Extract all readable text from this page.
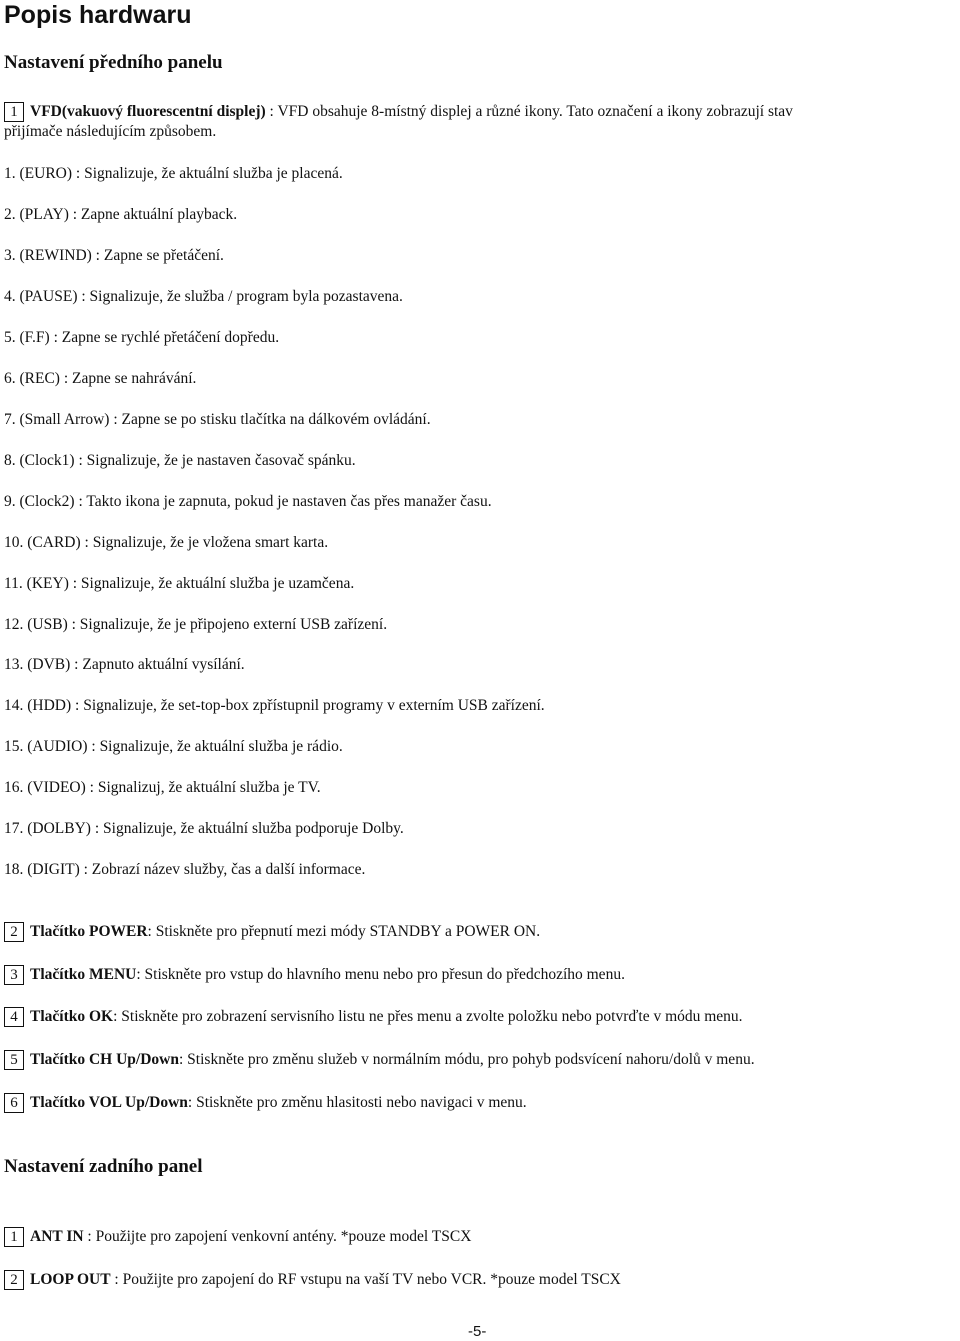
Popis hardwaru
Nastavení předního panelu
1 VFD(vakuový fluorescentní displej) : VFD obsahuje 8-místný displej a různé ikony. Tato označení a ikony zobrazují stav
přijímače následujícím způsobem.
1. (EURO) : Signalizuje, že aktuální služba je placená.
2. (PLAY) : Zapne aktuální playback.
3. (REWIND) : Zapne se přetáčení.
4. (PAUSE) : Signalizuje, že služba / program byla pozastavena.
5. (F.F) : Zapne se rychlé přetáčení dopředu.
6. (REC) : Zapne se nahrávání.
7. (Small Arrow) : Zapne se po stisku tlačítka na dálkovém ovládání.
8. (Clock1) : Signalizuje, že je nastaven časovač spánku.
9. (Clock2) : Takto ikona je zapnuta, pokud je nastaven čas přes manažer času.
10. (CARD) : Signalizuje, že je vložena smart karta.
11. (KEY) : Signalizuje, že aktuální služba je uzamčena.
12. (USB) : Signalizuje, že je připojeno externí USB zařízení.
13. (DVB) : Zapnuto aktuální vysílání.
14. (HDD) : Signalizuje, že set-top-box zpřístupnil programy v externím USB zařízení.
15. (AUDIO) : Signalizuje, že aktuální služba je rádio.
16. (VIDEO) : Signalizuj, že aktuální služba je TV.
17. (DOLBY) : Signalizuje, že aktuální služba podporuje Dolby.
18. (DIGIT) : Zobrazí název služby, čas a další informace.
2 Tlačítko POWER: Stiskněte pro přepnutí mezi módy STANDBY a POWER ON.
3 Tlačítko MENU: Stiskněte pro vstup do hlavního menu nebo pro přesun do předchozího menu.
4 Tlačítko OK: Stiskněte pro zobrazení servisního listu ne přes menu a zvolte položku nebo potvrďte v módu menu.
5 Tlačítko CH Up/Down: Stiskněte pro změnu služeb v normálním módu, pro pohyb podsvícení nahoru/dolů v menu.
6 Tlačítko VOL Up/Down: Stiskněte pro změnu hlasitosti nebo navigaci v menu.
Nastavení zadního panel
1 ANT IN : Použijte pro zapojení venkovní antény. *pouze model TSCX
2 LOOP OUT : Použijte pro zapojení do RF vstupu na vaší TV nebo VCR. *pouze model TSCX
-5-
